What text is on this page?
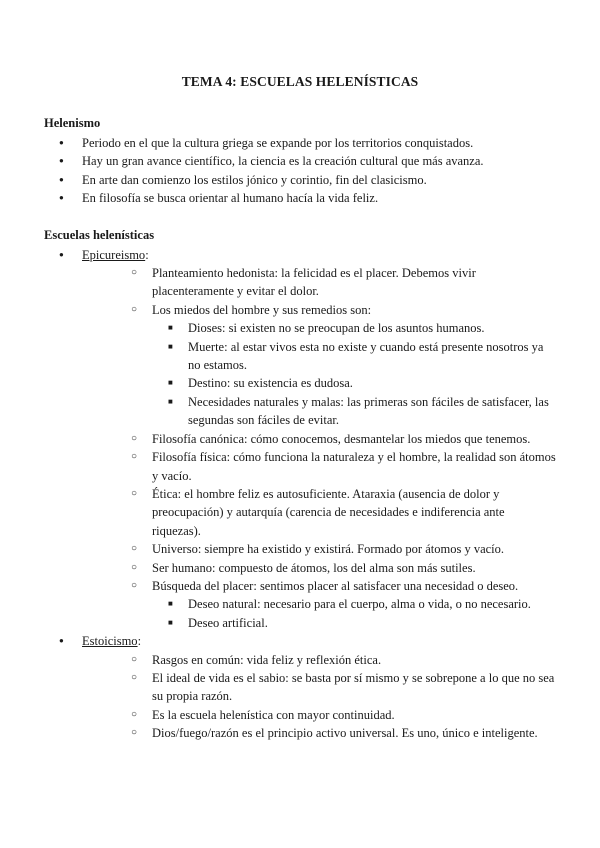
TEMA 4: ESCUELAS HELENÍSTICAS
Helenismo
● Periodo en el que la cultura griega se expande por los territorios conquistados.
● Hay un gran avance científico, la ciencia es la creación cultural que más avanza.
● En arte dan comienzo los estilos jónico y corintio, fin del clasicismo.
● En filosofía se busca orientar al humano hacía la vida feliz.
Escuelas helenísticas
● Epicureismo:
○ Planteamiento hedonista: la felicidad es el placer. Debemos vivir placenteramente y evitar el dolor.
○ Los miedos del hombre y sus remedios son:
■ Dioses: si existen no se preocupan de los asuntos humanos.
■ Muerte: al estar vivos esta no existe y cuando está presente nosotros ya no estamos.
■ Destino: su existencia es dudosa.
■ Necesidades naturales y malas: las primeras son fáciles de satisfacer, las segundas son fáciles de evitar.
○ Filosofía canónica: cómo conocemos, desmantelar los miedos que tenemos.
○ Filosofía física: cómo funciona la naturaleza y el hombre, la realidad son átomos y vacío.
○ Ética: el hombre feliz es autosuficiente. Ataraxia (ausencia de dolor y preocupación) y autarquía (carencia de necesidades e indiferencia ante riquezas).
○ Universo: siempre ha existido y existirá. Formado por átomos y vacío.
○ Ser humano: compuesto de átomos, los del alma son más sutiles.
○ Búsqueda del placer: sentimos placer al satisfacer una necesidad o deseo.
■ Deseo natural: necesario para el cuerpo, alma o vida, o no necesario.
■ Deseo artificial.
● Estoicismo:
○ Rasgos en común: vida feliz y reflexión ética.
○ El ideal de vida es el sabio: se basta por sí mismo y se sobrepone a lo que no sea su propia razón.
○ Es la escuela helenística con mayor continuidad.
○ Dios/fuego/razón es el principio activo universal. Es uno, único e inteligente.
